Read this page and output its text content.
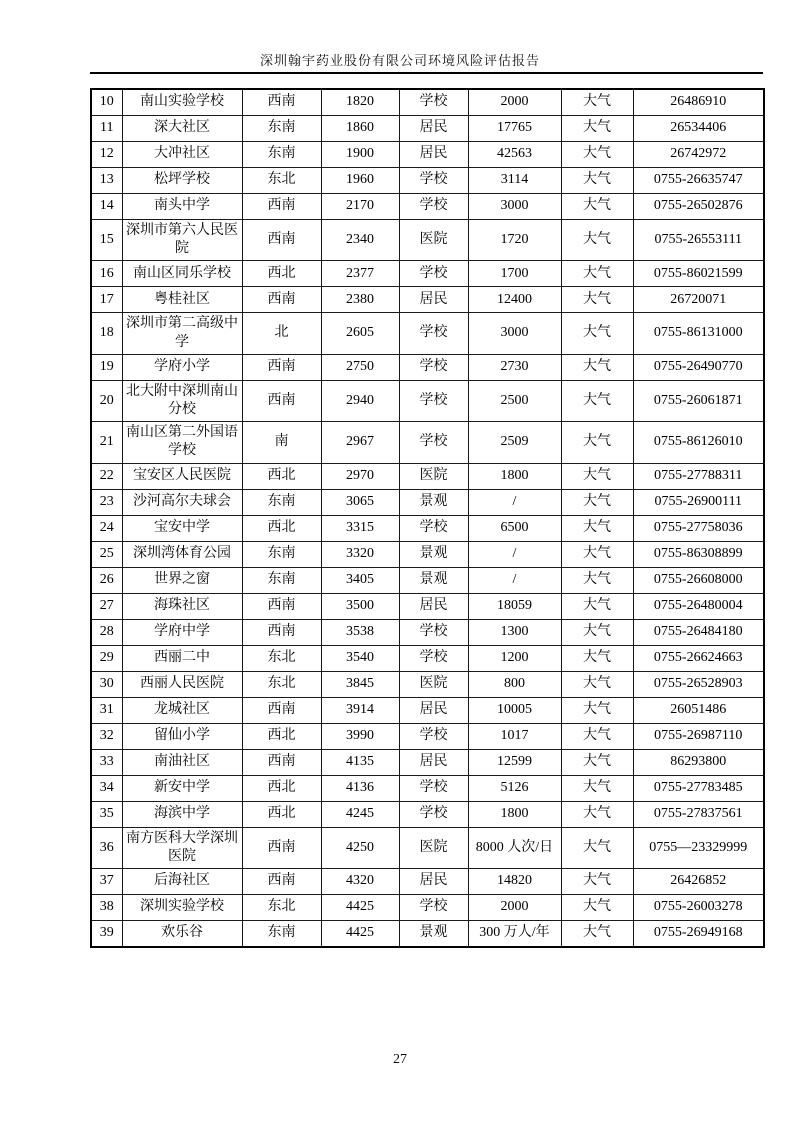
深圳翰宇药业股份有限公司环境风险评估报告
10	南山实验学校	西南	1820	学校	2000	大气	26486910
11	深大社区	东南	1860	居民	17765	大气	26534406
12	大冲社区	东南	1900	居民	42563	大气	26742972
13	松坪学校	东北	1960	学校	3114	大气	0755-26635747
14	南头中学	西南	2170	学校	3000	大气	0755-26502876
15	深圳市第六人民医院	西南	2340	医院	1720	大气	0755-26553111
16	南山区同乐学校	西北	2377	学校	1700	大气	0755-86021599
17	粤桂社区	西南	2380	居民	12400	大气	26720071
18	深圳市第二高级中学	北	2605	学校	3000	大气	0755-86131000
19	学府小学	西南	2750	学校	2730	大气	0755-26490770
20	北大附中深圳南山分校	西南	2940	学校	2500	大气	0755-26061871
21	南山区第二外国语学校	南	2967	学校	2509	大气	0755-86126010
22	宝安区人民医院	西北	2970	医院	1800	大气	0755-27788311
23	沙河高尔夫球会	东南	3065	景观	/	大气	0755-26900111
24	宝安中学	西北	3315	学校	6500	大气	0755-27758036
25	深圳湾体育公园	东南	3320	景观	/	大气	0755-86308899
26	世界之窗	东南	3405	景观	/	大气	0755-26608000
27	海珠社区	西南	3500	居民	18059	大气	0755-26480004
28	学府中学	西南	3538	学校	1300	大气	0755-26484180
29	西丽二中	东北	3540	学校	1200	大气	0755-26624663
30	西丽人民医院	东北	3845	医院	800	大气	0755-26528903
31	龙城社区	西南	3914	居民	10005	大气	26051486
32	留仙小学	西北	3990	学校	1017	大气	0755-26987110
33	南油社区	西南	4135	居民	12599	大气	86293800
34	新安中学	西北	4136	学校	5126	大气	0755-27783485
35	海滨中学	西北	4245	学校	1800	大气	0755-27837561
36	南方医科大学深圳医院	西南	4250	医院	8000 人次/日	大气	0755—23329999
37	后海社区	西南	4320	居民	14820	大气	26426852
38	深圳实验学校	东北	4425	学校	2000	大气	0755-26003278
39	欢乐谷	东南	4425	景观	300 万人/年	大气	0755-26949168
27
